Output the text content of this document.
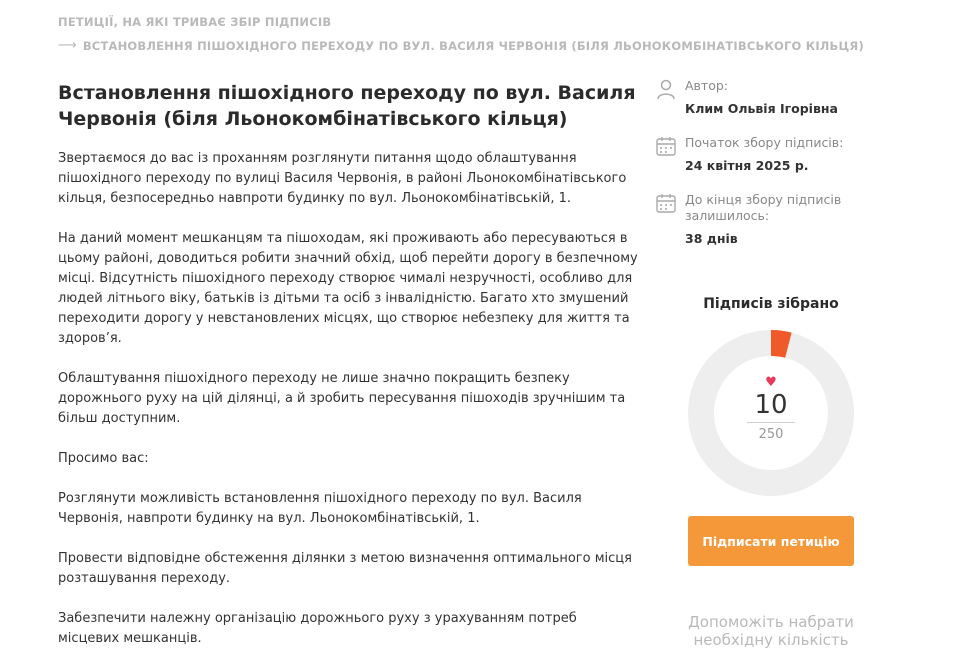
ПЕТИЦІЇ, НА ЯКІ ТРИВАЄ ЗБІР ПІДПИСІВ
⟶ ВСТАНОВЛЕННЯ ПІШОХІДНОГО ПЕРЕХОДУ ПО ВУЛ. ВАСИЛЯ ЧЕРВОНІЯ (БІЛЯ ЛЬОНОКОМБІНАТІВСЬКОГО КІЛЬЦЯ)
Встановлення пішохідного переходу по вул. Василя Червонія (біля Льонокомбінатівського кільця)

Звертаємося до вас із проханням розглянути питання щодо облаштування пішохідного переходу по вулиці Василя Червонія, в районі Льонокомбінатівського кільця, безпосередньо навпроти будинку по вул. Льонокомбінатівській, 1.

На даний момент мешканцям та пішоходам, які проживають або пересуваються в цьому районі, доводиться робити значний обхід, щоб перейти дорогу в безпечному місці. Відсутність пішохідного переходу створює чималі незручності, особливо для людей літнього віку, батьків із дітьми та осіб з інвалідністю. Багато хто змушений переходити дорогу у невстановлених місцях, що створює небезпеку для життя та здоров’я.

Облаштування пішохідного переходу не лише значно покращить безпеку дорожнього руху на цій ділянці, а й зробить пересування пішоходів зручнішим та більш доступним.

Просимо вас:

Розглянути можливість встановлення пішохідного переходу по вул. Василя Червонія, навпроти будинку на вул. Льонокомбінатівській, 1.

Провести відповідне обстеження ділянки з метою визначення оптимального місця розташування переходу.

Забезпечити належну організацію дорожнього руху з урахуванням потреб місцевих мешканців.

Автор:
Клим Ольвія Ігорівна
Початок збору підписів:
24 квітня 2025 р.
До кінця збору підписів залишилось:
38 днів
Підписів зібрано
♥
10
250
Підписати петицію
Допоможіть набрати необхідну кількість
